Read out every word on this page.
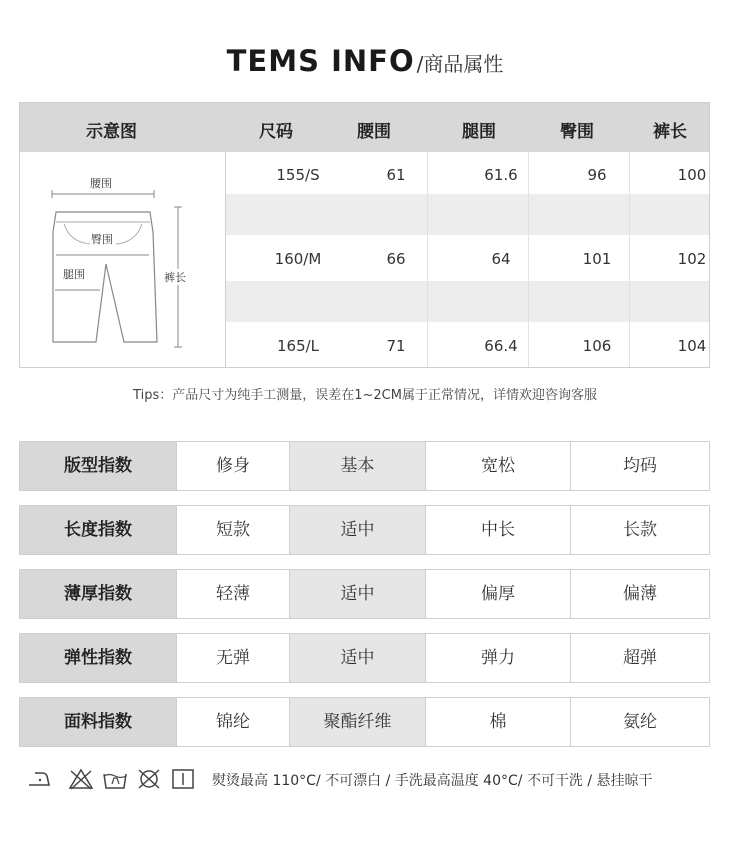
TEMS INFO /商品属性
示意图	尺码	腰围	腿围	臀围	裤长
腰围
臀围
腿围	裤长
155/S	61	61.6	96	100
160/M	66	64	101	102
165/L	71	66.4	106	104
Tips：产品尺寸为纯手工测量，误差在1~2CM属于正常情况，详情欢迎咨询客服
版型指数	修身	基本	宽松	均码
长度指数	短款	适中	中长	长款
薄厚指数	轻薄	适中	偏厚	偏薄
弹性指数	无弹	适中	弹力	超弹
面料指数	锦纶	聚酯纤维	棉	氨纶
熨烫最高 110°C/ 不可漂白 / 手洗最高温度 40°C/ 不可干洗 / 悬挂晾干
